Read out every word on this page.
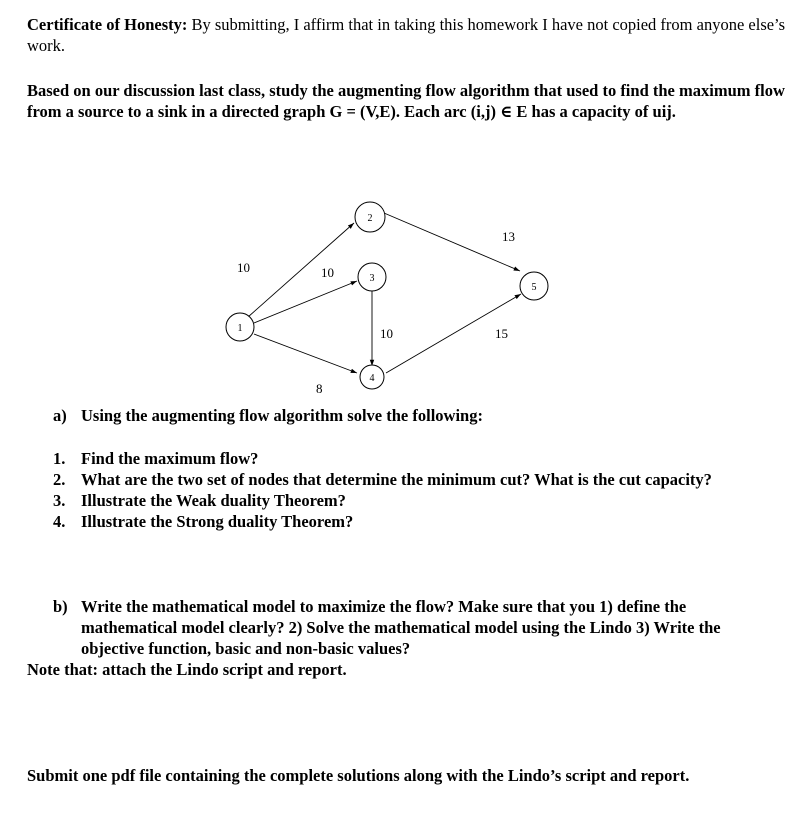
Certificate of Honesty: By submitting, I affirm that in taking this homework I have not copied from anyone else’s work.
Based on our discussion last class, study the augmenting flow algorithm that used to find the maximum flow from a source to a sink in a directed graph G = (V,E). Each arc (i,j) ∈ E has a capacity of uij.
1
2
3
4
5
10	10
10
8
13
15
a) Using the augmenting flow algorithm solve the following:
1. Find the maximum flow?
2. What are the two set of nodes that determine the minimum cut? What is the cut capacity?
3. Illustrate the Weak duality Theorem?
4. Illustrate the Strong duality Theorem?
b) Write the mathematical model to maximize the flow? Make sure that you 1) define the mathematical model clearly? 2) Solve the mathematical model using the Lindo 3) Write the objective function, basic and non-basic values?
Note that: attach the Lindo script and report.
Submit one pdf file containing the complete solutions along with the Lindo’s script and report.
